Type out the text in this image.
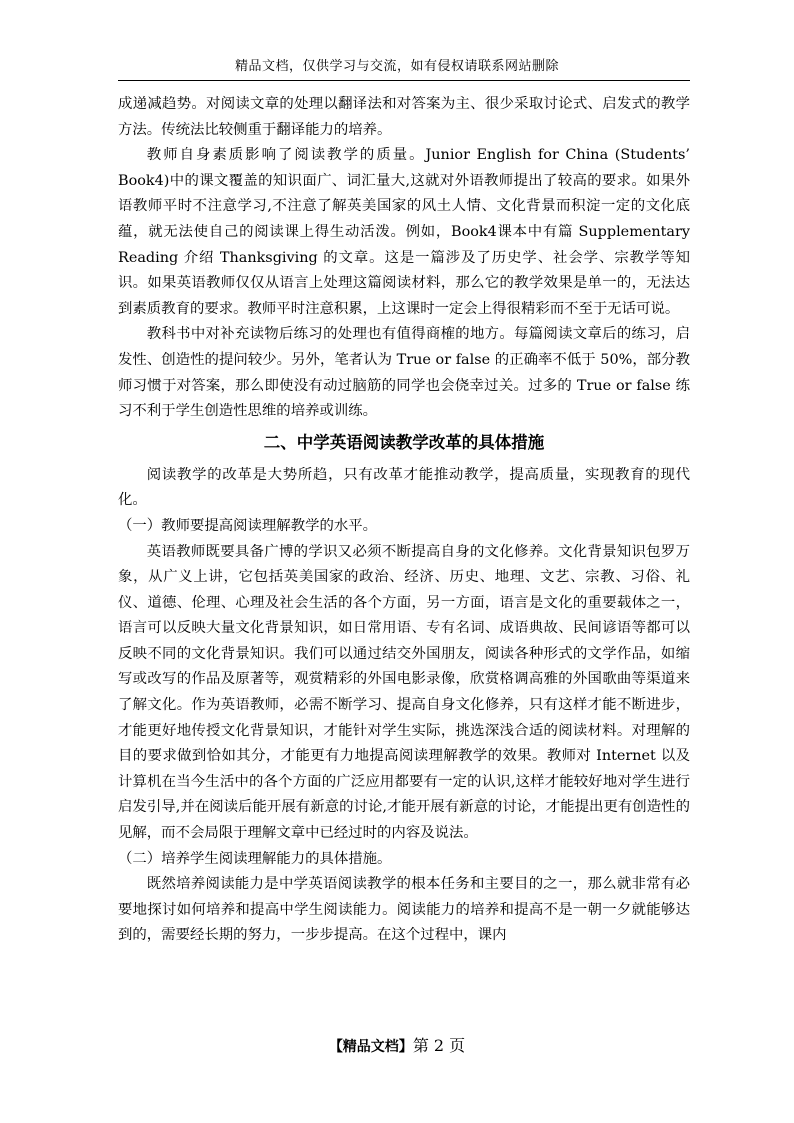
精品文档，仅供学习与交流，如有侵权请联系网站删除

成递减趋势。对阅读文章的处理以翻译法和对答案为主、很少采取讨论式、启发式的教学方法。传统法比较侧重于翻译能力的培养。

教师自身素质影响了阅读教学的质量。Junior English for China (Students’ Book4)中的课文覆盖的知识面广、词汇量大,这就对外语教师提出了较高的要求。如果外语教师平时不注意学习,不注意了解英美国家的风土人情、文化背景而积淀一定的文化底蕴，就无法使自己的阅读课上得生动活泼。例如，Book4课本中有篇 Supplementary Reading 介绍 Thanksgiving 的文章。这是一篇涉及了历史学、社会学、宗教学等知识。如果英语教师仅仅从语言上处理这篇阅读材料，那么它的教学效果是单一的，无法达到素质教育的要求。教师平时注意积累，上这课时一定会上得很精彩而不至于无话可说。

教科书中对补充读物后练习的处理也有值得商榷的地方。每篇阅读文章后的练习，启发性、创造性的提问较少。另外，笔者认为 True or false 的正确率不低于 50%，部分教师习惯于对答案，那么即使没有动过脑筋的同学也会侥幸过关。过多的 True or false 练习不利于学生创造性思维的培养或训练。

二、中学英语阅读教学改革的具体措施

阅读教学的改革是大势所趋，只有改革才能推动教学，提高质量，实现教育的现代化。

（一）教师要提高阅读理解教学的水平。

英语教师既要具备广博的学识又必须不断提高自身的文化修养。文化背景知识包罗万象，从广义上讲，它包括英美国家的政治、经济、历史、地理、文艺、宗教、习俗、礼仪、道德、伦理、心理及社会生活的各个方面，另一方面，语言是文化的重要载体之一，语言可以反映大量文化背景知识，如日常用语、专有名词、成语典故、民间谚语等都可以反映不同的文化背景知识。我们可以通过结交外国朋友，阅读各种形式的文学作品，如缩写或改写的作品及原著等，观赏精彩的外国电影录像，欣赏格调高雅的外国歌曲等渠道来了解文化。作为英语教师，必需不断学习、提高自身文化修养，只有这样才能不断进步，才能更好地传授文化背景知识，才能针对学生实际，挑选深浅合适的阅读材料。对理解的目的要求做到恰如其分，才能更有力地提高阅读理解教学的效果。教师对 Internet 以及计算机在当今生活中的各个方面的广泛应用都要有一定的认识,这样才能较好地对学生进行启发引导,并在阅读后能开展有新意的讨论,才能开展有新意的讨论，才能提出更有创造性的见解，而不会局限于理解文章中已经过时的内容及说法。

（二）培养学生阅读理解能力的具体措施。

既然培养阅读能力是中学英语阅读教学的根本任务和主要目的之一，那么就非常有必要地探讨如何培养和提高中学生阅读能力。阅读能力的培养和提高不是一朝一夕就能够达到的，需要经长期的努力，一步步提高。在这个过程中，课内

【精品文档】第 2 页
